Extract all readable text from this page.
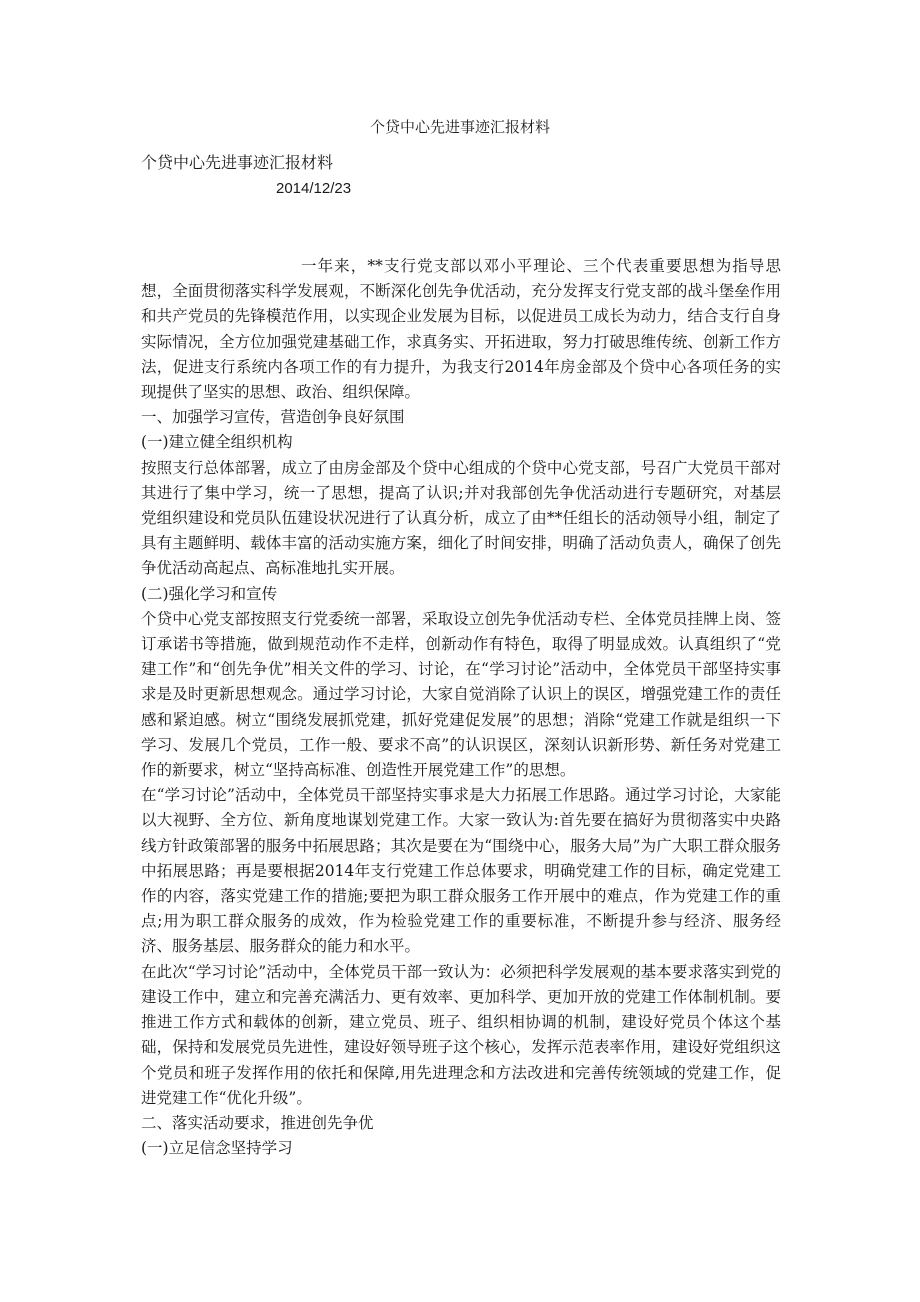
个贷中心先进事迹汇报材料

个贷中心先进事迹汇报材料

2014/12/23

一年来，**支行党支部以邓小平理论、三个代表重要思想为指导思想，全面贯彻落实科学发展观，不断深化创先争优活动，充分发挥支行党支部的战斗堡垒作用和共产党员的先锋模范作用，以实现企业发展为目标，以促进员工成长为动力，结合支行自身实际情况，全方位加强党建基础工作，求真务实、开拓进取，努力打破思维传统、创新工作方法，促进支行系统内各项工作的有力提升，为我支行2014年房金部及个贷中心各项任务的实现提供了坚实的思想、政治、组织保障。

一、加强学习宣传，营造创争良好氛围

(一)建立健全组织机构

按照支行总体部署，成立了由房金部及个贷中心组成的个贷中心党支部，号召广大党员干部对其进行了集中学习，统一了思想，提高了认识;并对我部创先争优活动进行专题研究，对基层党组织建设和党员队伍建设状况进行了认真分析，成立了由**任组长的活动领导小组，制定了具有主题鲜明、载体丰富的活动实施方案，细化了时间安排，明确了活动负责人，确保了创先争优活动高起点、高标准地扎实开展。

(二)强化学习和宣传

个贷中心党支部按照支行党委统一部署，采取设立创先争优活动专栏、全体党员挂牌上岗、签订承诺书等措施，做到规范动作不走样，创新动作有特色，取得了明显成效。认真组织了“党建工作”和“创先争优”相关文件的学习、讨论，在“学习讨论”活动中，全体党员干部坚持实事求是及时更新思想观念。通过学习讨论，大家自觉消除了认识上的误区，增强党建工作的责任感和紧迫感。树立“围绕发展抓党建，抓好党建促发展”的思想；消除“党建工作就是组织一下学习、发展几个党员，工作一般、要求不高”的认识误区，深刻认识新形势、新任务对党建工作的新要求，树立“坚持高标准、创造性开展党建工作”的思想。

在“学习讨论”活动中，全体党员干部坚持实事求是大力拓展工作思路。通过学习讨论，大家能以大视野、全方位、新角度地谋划党建工作。大家一致认为:首先要在搞好为贯彻落实中央路线方针政策部署的服务中拓展思路；其次是要在为“围绕中心，服务大局”为广大职工群众服务中拓展思路；再是要根据2014年支行党建工作总体要求，明确党建工作的目标，确定党建工作的内容，落实党建工作的措施;要把为职工群众服务工作开展中的难点，作为党建工作的重点;用为职工群众服务的成效，作为检验党建工作的重要标准，不断提升参与经济、服务经济、服务基层、服务群众的能力和水平。

在此次“学习讨论”活动中，全体党员干部一致认为：必须把科学发展观的基本要求落实到党的建设工作中，建立和完善充满活力、更有效率、更加科学、更加开放的党建工作体制机制。要推进工作方式和载体的创新，建立党员、班子、组织相协调的机制，建设好党员个体这个基础，保持和发展党员先进性，建设好领导班子这个核心，发挥示范表率作用，建设好党组织这个党员和班子发挥作用的依托和保障,用先进理念和方法改进和完善传统领域的党建工作，促进党建工作“优化升级”。

二、落实活动要求，推进创先争优

(一)立足信念坚持学习
